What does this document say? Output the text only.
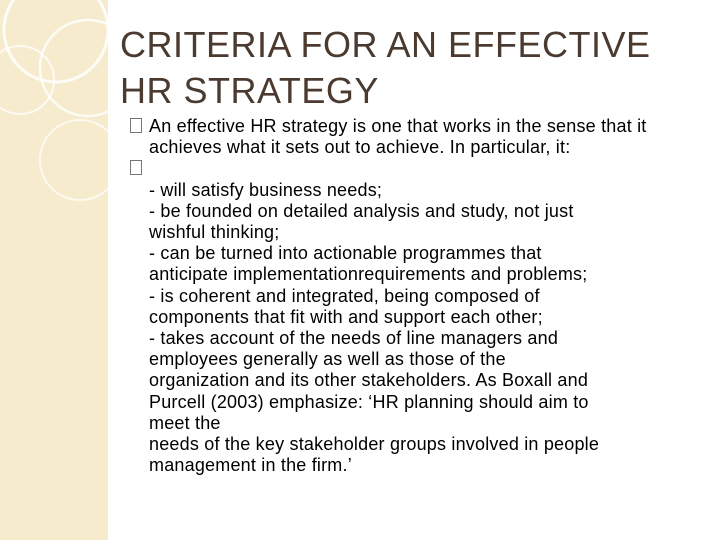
CRITERIA FOR AN EFFECTIVE
HR STRATEGY
An effective HR strategy is one that works in the sense that it achieves what it sets out to achieve. In particular, it:
- will satisfy business needs;
- be founded on detailed analysis and study, not just
wishful thinking;
- can be turned into actionable programmes that
anticipate implementationrequirements and problems;
- is coherent and integrated, being composed of
components that fit with and support each other;
- takes account of the needs of line managers and
employees generally as well as those of the
organization and its other stakeholders. As Boxall and
Purcell (2003) emphasize: ‘HR planning should aim to
meet the
needs of the key stakeholder groups involved in people
management in the firm.’
